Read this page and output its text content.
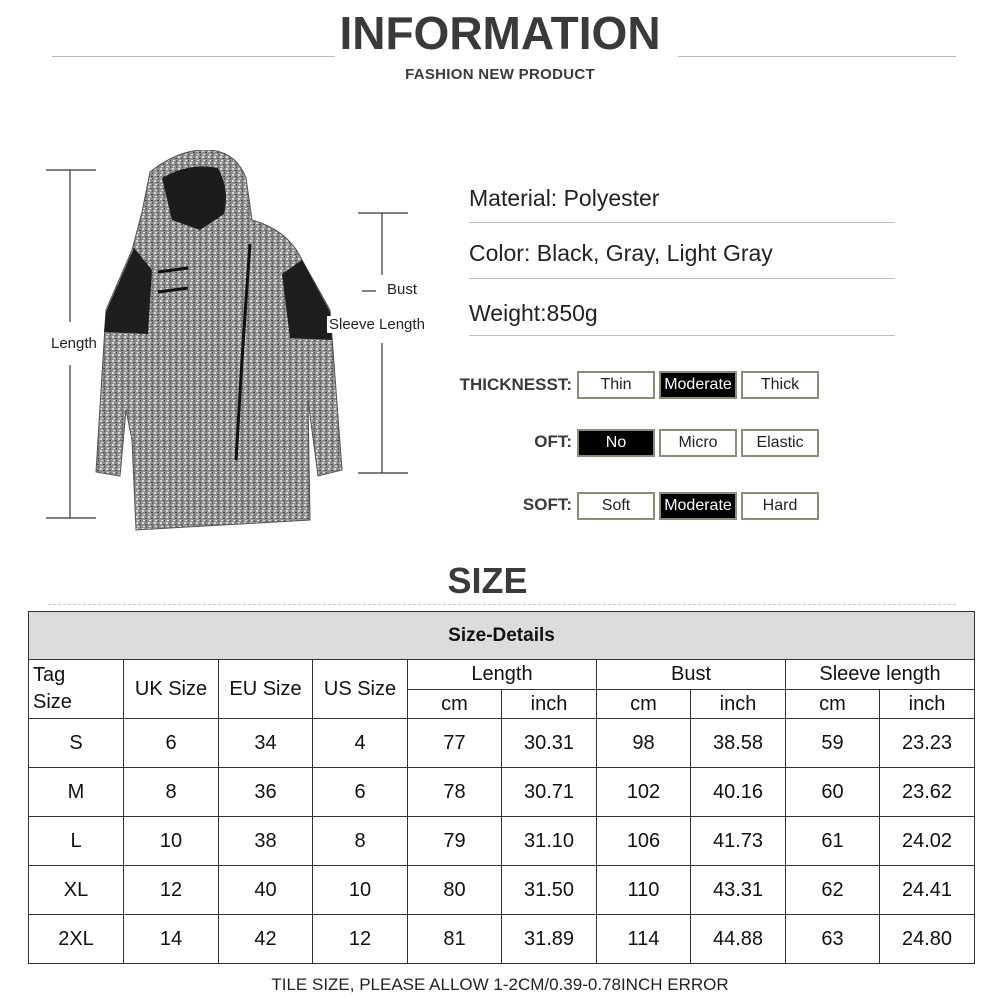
INFORMATION
FASHION NEW PRODUCT
Length
Bust
Sleeve Length
Material: Polyester
Color: Black, Gray, Light Gray
Weight:850g
THICKNESST:	Thin	Moderate	Thick
OFT:	No	Micro	Elastic
SOFT:	Soft	Moderate	Hard
SIZE
Size-Details									

Tag
Size	UK Size	EU Size	US Size	Length		Bust		Sleeve length	
				cm	inch	cm	inch	cm	inch
S	6	34	4	77	30.31	98	38.58	59	23.23
M	8	36	6	78	30.71	102	40.16	60	23.62
L	10	38	8	79	31.10	106	41.73	61	24.02
XL	12	40	10	80	31.50	110	43.31	62	24.41
2XL	14	42	12	81	31.89	114	44.88	63	24.80
TILE SIZE, PLEASE ALLOW 1-2CM/0.39-0.78INCH ERROR
